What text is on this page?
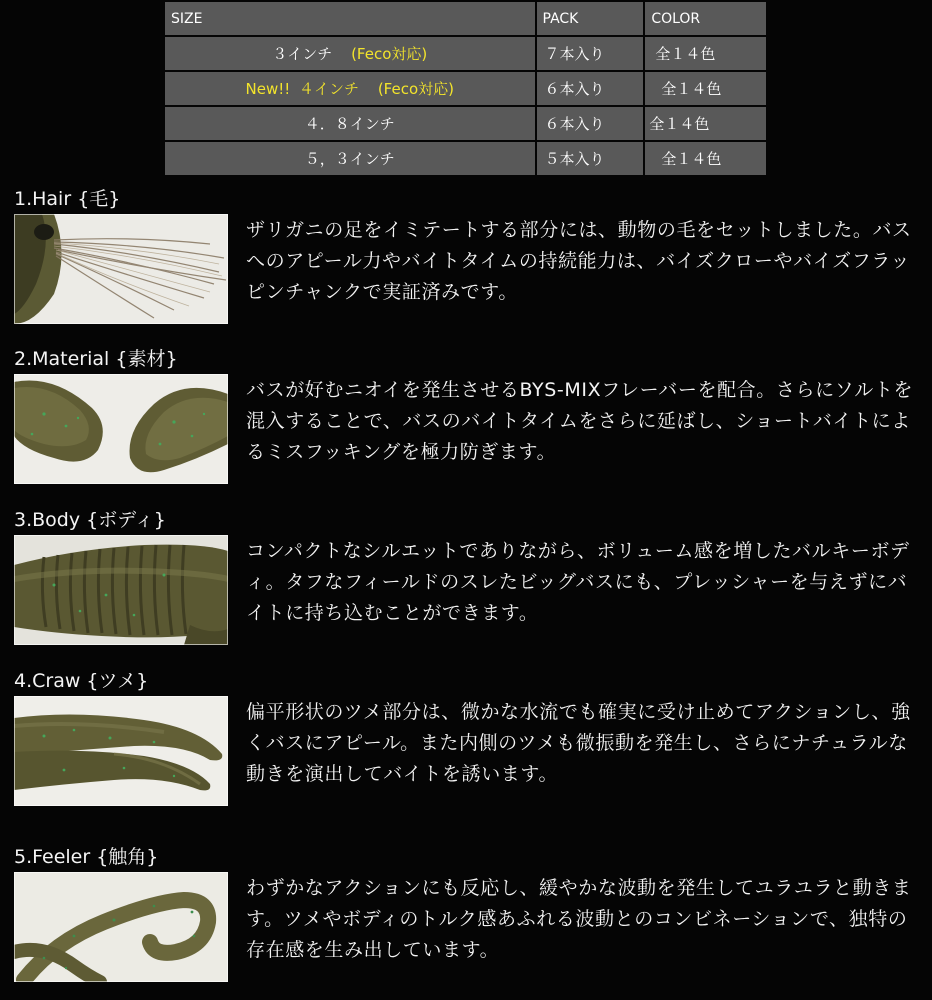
SIZE	PACK	COLOR
３インチ (Feco対応)	７本入り	全１４色
New!! ４インチ (Feco対応)	６本入り	全１４色
４．８インチ	６本入り	全１４色
５，３インチ	５本入り	全１４色
1.Hair {毛}
ザリガニの足をイミテートする部分には、動物の毛をセットしました。バスへのアピール力やバイトタイムの持続能力は、バイズクローやバイズフラッピンチャンクで実証済みです。
2.Material {素材}
バスが好むニオイを発生させるBYS-MIXフレーバーを配合。さらにソルトを混入することで、バスのバイトタイムをさらに延ばし、ショートバイトによるミスフッキングを極力防ぎます。
3.Body {ボディ}
コンパクトなシルエットでありながら、ボリューム感を増したバルキーボディ。タフなフィールドのスレたビッグバスにも、プレッシャーを与えずにバイトに持ち込むことができます。
4.Craw {ツメ}
偏平形状のツメ部分は、微かな水流でも確実に受け止めてアクションし、強くバスにアピール。また内側のツメも微振動を発生し、さらにナチュラルな動きを演出してバイトを誘います。
5.Feeler {触角}
わずかなアクションにも反応し、緩やかな波動を発生してユラユラと動きます。ツメやボディのトルク感あふれる波動とのコンビネーションで、独特の存在感を生み出しています。
